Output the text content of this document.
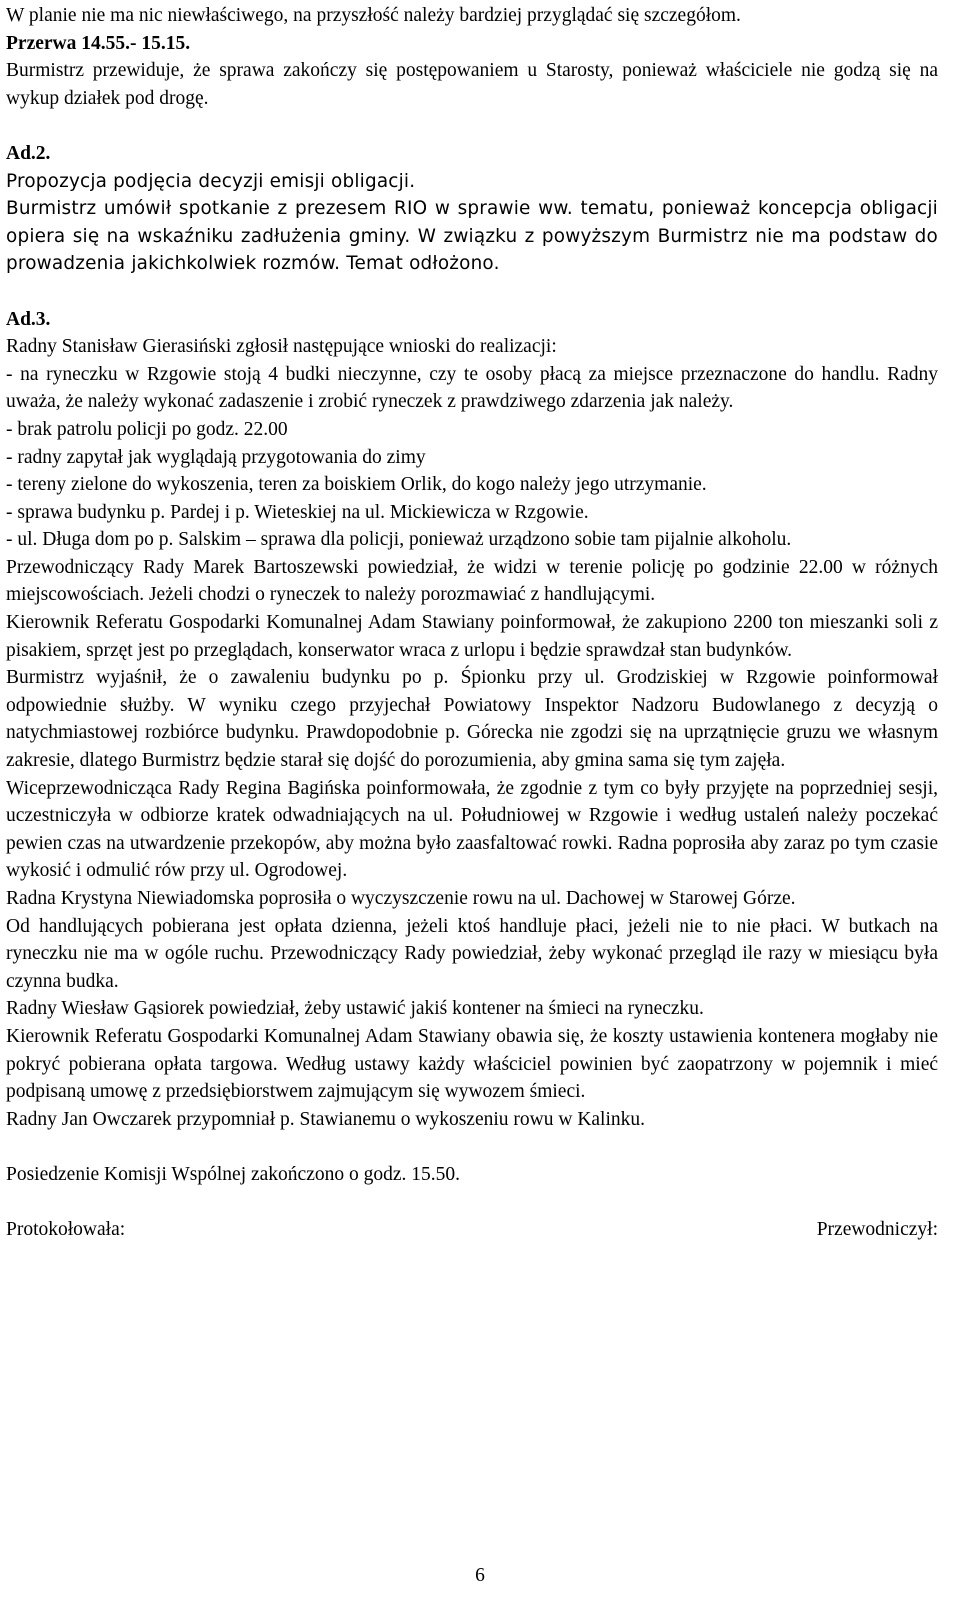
W planie nie ma nic niewłaściwego, na przyszłość należy bardziej przyglądać się szczegółom.

Przerwa 14.55.- 15.15.

Burmistrz przewiduje, że sprawa zakończy się postępowaniem u Starosty, ponieważ właściciele nie godzą się na wykup działek pod drogę.

Ad.2.

Propozycja podjęcia decyzji emisji obligacji.

Burmistrz umówił spotkanie z prezesem RIO w sprawie ww. tematu, ponieważ koncepcja obligacji opiera się na wskaźniku zadłużenia gminy. W związku z powyższym Burmistrz nie ma podstaw do prowadzenia jakichkolwiek rozmów. Temat odłożono.

Ad.3.

Radny Stanisław Gierasiński zgłosił następujące wnioski do realizacji:

- na ryneczku w Rzgowie stoją 4 budki nieczynne, czy te osoby płacą za miejsce przeznaczone do handlu. Radny uważa, że należy wykonać zadaszenie i zrobić ryneczek z prawdziwego zdarzenia jak należy.

- brak patrolu policji po godz. 22.00

- radny zapytał jak wyglądają przygotowania do zimy

- tereny zielone do wykoszenia, teren za boiskiem Orlik, do kogo należy jego utrzymanie.

- sprawa budynku p. Pardej i p. Wieteskiej na ul. Mickiewicza w Rzgowie.

- ul. Długa dom po p. Salskim – sprawa dla policji, ponieważ urządzono sobie tam pijalnie alkoholu.

Przewodniczący Rady Marek Bartoszewski powiedział, że widzi w terenie policję po godzinie 22.00 w różnych miejscowościach. Jeżeli chodzi o ryneczek to należy porozmawiać z handlującymi.

Kierownik Referatu Gospodarki Komunalnej Adam Stawiany poinformował, że zakupiono 2200 ton mieszanki soli z pisakiem, sprzęt jest po przeglądach, konserwator wraca z urlopu i będzie sprawdzał stan budynków.

Burmistrz wyjaśnił, że o zawaleniu budynku po p. Śpionku przy ul. Grodziskiej w Rzgowie poinformował odpowiednie służby. W wyniku czego przyjechał Powiatowy Inspektor Nadzoru Budowlanego z decyzją o natychmiastowej rozbiórce budynku. Prawdopodobnie p. Górecka nie zgodzi się na uprzątnięcie gruzu we własnym zakresie, dlatego Burmistrz będzie starał się dojść do porozumienia, aby gmina sama się tym zajęła.

Wiceprzewodnicząca Rady Regina Bagińska poinformowała, że zgodnie z tym co były przyjęte na poprzedniej sesji, uczestniczyła w odbiorze kratek odwadniających na ul. Południowej w Rzgowie i według ustaleń należy poczekać pewien czas na utwardzenie przekopów, aby można było zaasfaltować rowki. Radna poprosiła aby zaraz po tym czasie wykosić i odmulić rów przy ul. Ogrodowej.

Radna Krystyna Niewiadomska poprosiła o wyczyszczenie rowu na ul. Dachowej w Starowej Górze.

Od handlujących pobierana jest opłata dzienna, jeżeli ktoś handluje płaci, jeżeli nie to nie płaci. W butkach na ryneczku nie ma w ogóle ruchu. Przewodniczący Rady powiedział, żeby wykonać przegląd ile razy w miesiącu była czynna budka.

Radny Wiesław Gąsiorek powiedział, żeby ustawić jakiś kontener na śmieci na ryneczku.

Kierownik Referatu Gospodarki Komunalnej Adam Stawiany obawia się, że koszty ustawienia kontenera mogłaby nie pokryć pobierana opłata targowa. Według ustawy każdy właściciel powinien być zaopatrzony w pojemnik i mieć podpisaną umowę z przedsiębiorstwem zajmującym się wywozem śmieci.

Radny Jan Owczarek przypomniał p. Stawianemu o wykoszeniu rowu w Kalinku.

Posiedzenie Komisji Wspólnej zakończono o godz. 15.50.

Protokołowała:	Przewodniczył:
6
